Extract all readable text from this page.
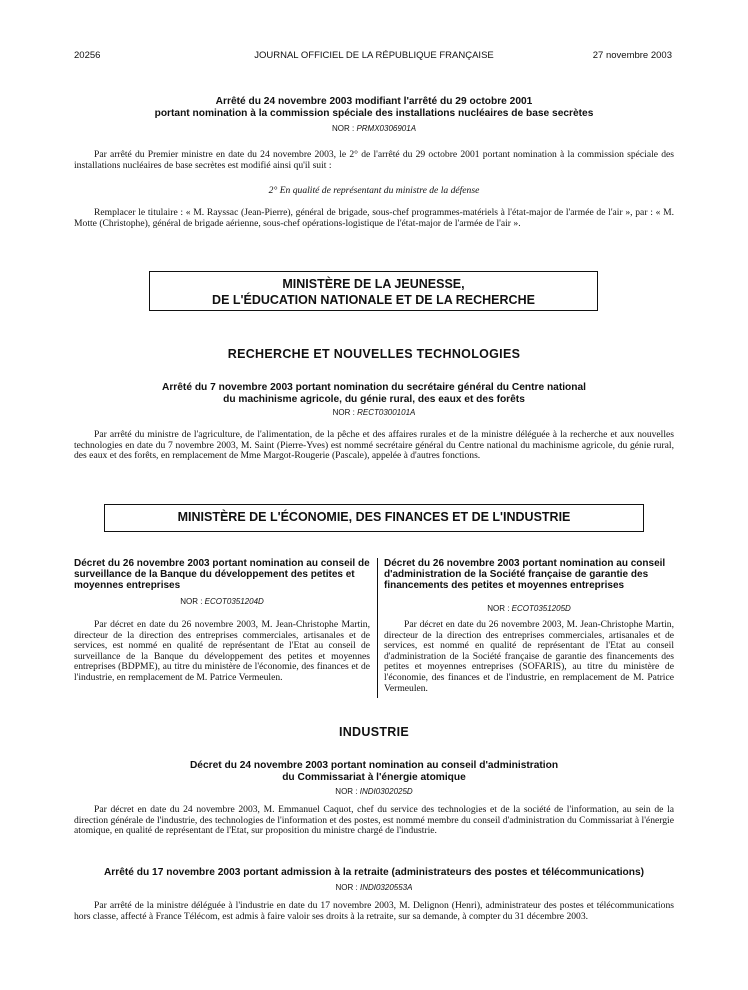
20256	JOURNAL OFFICIEL DE LA RÉPUBLIQUE FRANÇAISE	27 novembre 2003
Arrêté du 24 novembre 2003 modifiant l'arrêté du 29 octobre 2001
portant nomination à la commission spéciale des installations nucléaires de base secrètes
NOR : PRMX0306901A

Par arrêté du Premier ministre en date du 24 novembre 2003, le 2° de l'arrêté du 29 octobre 2001 portant nomination à la commission spéciale des installations nucléaires de base secrètes est modifié ainsi qu'il suit :

2° En qualité de représentant du ministre de la défense

Remplacer le titulaire : « M. Rayssac (Jean-Pierre), général de brigade, sous-chef programmes-matériels à l'état-major de l'armée de l'air », par : « M. Motte (Christophe), général de brigade aérienne, sous-chef opérations-logistique de l'état-major de l'armée de l'air ».

MINISTÈRE DE LA JEUNESSE,
DE L'ÉDUCATION NATIONALE ET DE LA RECHERCHE
RECHERCHE ET NOUVELLES TECHNOLOGIES
Arrêté du 7 novembre 2003 portant nomination du secrétaire général du Centre national
du machinisme agricole, du génie rural, des eaux et des forêts
NOR : RECT0300101A

Par arrêté du ministre de l'agriculture, de l'alimentation, de la pêche et des affaires rurales et de la ministre déléguée à la recherche et aux nouvelles technologies en date du 7 novembre 2003, M. Saint (Pierre-Yves) est nommé secrétaire général du Centre national du machinisme agricole, du génie rural, des eaux et des forêts, en remplacement de Mme Margot-Rougerie (Pascale), appelée à d'autres fonctions.

MINISTÈRE DE L'ÉCONOMIE, DES FINANCES ET DE L'INDUSTRIE
Décret du 26 novembre 2003 portant nomination au conseil de surveillance de la Banque du développement des petites et moyennes entreprises
NOR : ECOT0351204D

Par décret en date du 26 novembre 2003, M. Jean-Christophe Martin, directeur de la direction des entreprises commerciales, artisanales et de services, est nommé en qualité de représentant de l'Etat au conseil de surveillance de la Banque du développement des petites et moyennes entreprises (BDPME), au titre du ministère de l'économie, des finances et de l'industrie, en remplacement de M. Patrice Vermeulen.

Décret du 26 novembre 2003 portant nomination au conseil d'administration de la Société française de garantie des financements des petites et moyennes entreprises
NOR : ECOT0351205D

Par décret en date du 26 novembre 2003, M. Jean-Christophe Martin, directeur de la direction des entreprises commerciales, artisanales et de services, est nommé en qualité de représentant de l'Etat au conseil d'administration de la Société française de garantie des financements des petites et moyennes entreprises (SOFARIS), au titre du ministère de l'économie, des finances et de l'industrie, en remplacement de M. Patrice Vermeulen.

INDUSTRIE
Décret du 24 novembre 2003 portant nomination au conseil d'administration
du Commissariat à l'énergie atomique
NOR : INDI0302025D

Par décret en date du 24 novembre 2003, M. Emmanuel Caquot, chef du service des technologies et de la société de l'information, au sein de la direction générale de l'industrie, des technologies de l'information et des postes, est nommé membre du conseil d'administration du Commissariat à l'énergie atomique, en qualité de représentant de l'Etat, sur proposition du ministre chargé de l'industrie.

Arrêté du 17 novembre 2003 portant admission à la retraite (administrateurs des postes et télécommunications)
NOR : INDI0320553A

Par arrêté de la ministre déléguée à l'industrie en date du 17 novembre 2003, M. Delignon (Henri), administrateur des postes et télécommunications hors classe, affecté à France Télécom, est admis à faire valoir ses droits à la retraite, sur sa demande, à compter du 31 décembre 2003.
